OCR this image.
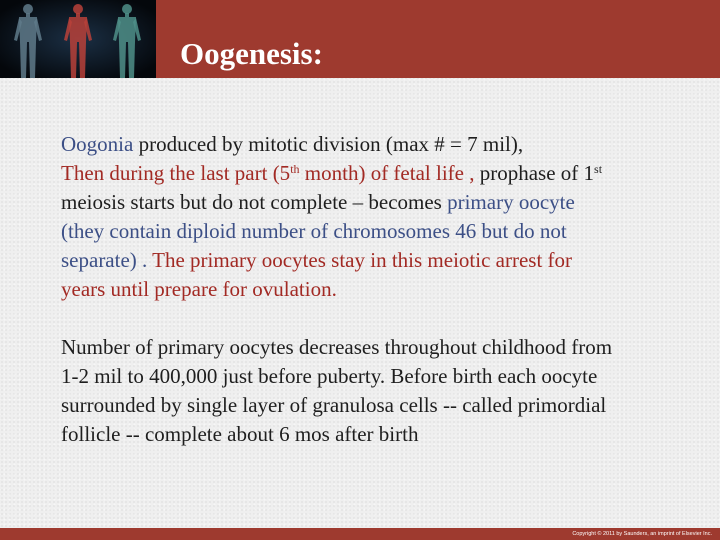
Oogenesis:

Oogonia produced by mitotic division (max # = 7 mil),
Then during the last part (5th month) of fetal life , prophase of 1st meiosis starts but do not complete – becomes primary oocyte (they contain diploid number of chromosomes 46 but do not separate) . The primary oocytes stay in this meiotic arrest for years until prepare for ovulation.

Number of primary oocytes decreases throughout childhood from 1-2 mil to 400,000 just before puberty. Before birth each oocyte surrounded by single layer of granulosa cells -- called primordial follicle -- complete about 6 mos after birth

Copyright © 2011 by Saunders, an imprint of Elsevier Inc.
